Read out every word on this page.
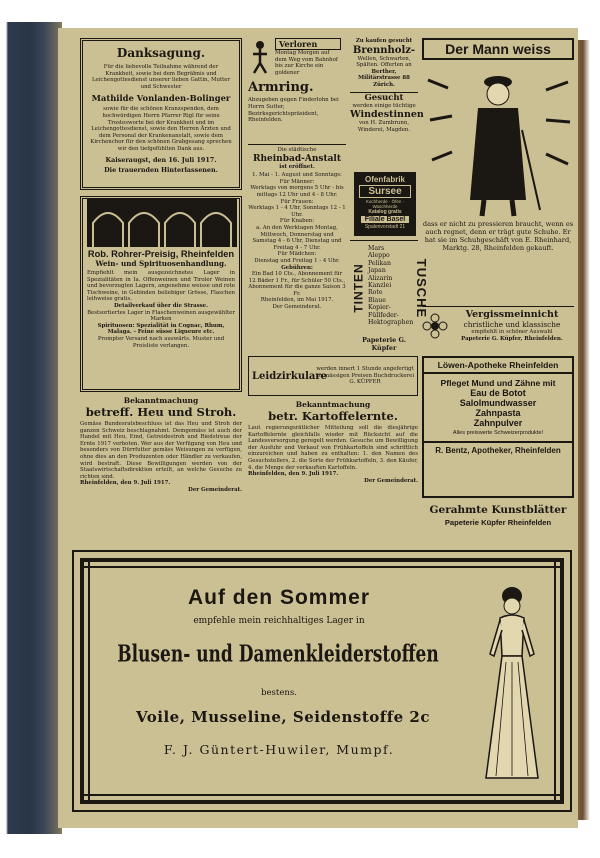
Danksagung.
Für die liebevolle Teilnahme während der Krankheit, sowie bei dem Begräbnis und Leichengottesdienst unserer lieben Gattin, Mutter und Schwester
Mathilde Vonlanden-Bolinger
sowie für die schönen Kranzspenden, dem hochwürdigen Herrn Pfarrer Rigl für seine Trostesworte bei der Krankheit und im Leichengottesdienst, sowie den Herren Ärzten und dem Personal der Krankenanstalt, sowie dem Kirchenchor für den schönen Grabgesang sprechen wir den tiefgefühlten Dank aus.
Kaiseraugst, den 16. Juli 1917.
Die trauernden Hinterlassenen.
Verloren
Montag Morgen auf dem Weg vom Bahnhof bis zur Kirche ein goldener
Armring.
Abzugeben gegen Finderlohn bei Herrn Sutter, Bezirksgerichtspräsident, Rheinfelden.
Die städtische
Rheinbad-Anstalt
ist eröffnet.
1. Mai - 1. August und Sonntags:
Für Männer:
Werktags von morgens 5 Uhr - bis mittags 12 Uhr und 4 - 8 Uhr.
Für Frauen:
Werktags 1 - 4 Uhr, Sonntags 12 - 1 Uhr.
Für Knaben:
a. An den Werktagen Montag, Mittwoch, Donnerstag und Samstag 4 - 6 Uhr, Dienstag und Freitag 4 - 7 Uhr.
Für Mädchen:
Dienstag und Freitag 1 - 4 Uhr.
Gebühren:
Ein Bad 10 Cts., Abonnement für 12 Bäder 1 Fr., für Schüler 50 Cts., Abonnement für die ganze Saison 3 Fr.
Rheinfelden, im Mai 1917.
Der Gemeinderat.
Zu kaufen gesucht
Brennholz-
Wellen, Schwarten, Spälten. Offerten an
Berther, Militärstrasse 88 Zürich.
Gesucht
werden einige tüchtige
Windestinnen
von H. Zumbrunn, Winderei, Magden.
Ofenfabrik
Sursee
Kochherde · Öfen · Waschherde
Katalog gratis
Filiale Basel
Spalenvorstadt 21
TINTEN	TUSCHE
Mars
Aleppo
Pelikan
Japan
Alizarin
Kanzlei
Rote
Blaue
Kopier-
Füllfeder-
Hektographen
Papeterie G. Küpfer
Der Mann weiss
dass er nicht zu pressieren braucht, wenn es auch regnet, denn er trägt gute Schuhe. Er hat sie im Schuhgeschäft von E. Rheinhard, Marktg. 28, Rheinfelden gekauft.
Vergissmeinnicht
christliche und klassische
empfiehlt in schöner Auswahl
Papeterie G. Küpfer, Rheinfelden.
Rob. Rohrer-Preisig, Rheinfelden
Wein- und Spirituosenhandlung.
Empfiehlt mein ausgezeichnetes Lager in Spezialitäten in Ia. Offenweinen und Tiroler Weinen und bevorzugten Lagern, angenehme weisse und rote Tischweine, in Gebinden beliebiger Grösse, Flaschen leihweise gratis.
Detailverkauf über die Strasse.
Bestsortiertes Lager in Flaschenweinen ausgewählter Marken
Spirituosen: Spezialität in Cognac, Rhum, Malaga. - Feine süsse Liqueure etc.
Prompter Versand nach auswärts. Muster und Preisliste verlangen.
Leidzirkulare
werden innert 1 Stunde angefertigt zu mässigen Preisen Buchdruckerei G. KÜPFER
Bekanntmachung
betreff. Heu und Stroh.
Gemäss Bundesratsbeschluss ist das Heu und Stroh der ganzen Schweiz beschlagnahmt. Demgemäss ist auch der Handel mit Heu, Emd, Getreidestroh und Riedstreue der Ernte 1917 verboten. Wer aus der Verfügung von Heu und besonders von Dürrfutter gemäss Weisungen zu verfügen, ohne dies an den Produzenten oder Händler zu verkaufen, wird bestraft. Diese Bewilligungen werden von der Staatswirtschaftsdirektion erteilt, an welche Gesuche zu richten sind.
Rheinfelden, den 9. Juli 1917.
Der Gemeinderat.
Bekanntmachung
betr. Kartoffelernte.
Laut regierungsrätlicher Mitteilung soll die diesjährige Kartoffelernte gleichfalls wieder mit Rücksicht auf die Landesversorgung geregelt werden. Gesuche um Bewilligung der Ausfuhr und Verkauf von Frühkartoffeln sind schriftlich einzureichen und haben zu enthalten: 1. den Namen des Gesuchstellers, 2. die Sorte der Frühkartoffeln, 3. den Käufer, 4. die Menge der verkauften Kartoffeln.
Rheinfelden, den 9. Juli 1917.
Der Gemeinderat.
Löwen-Apotheke Rheinfelden
Pfleget Mund und Zähne mit
Eau de Botot
Salolmundwasser
Zahnpasta
Zahnpulver
Alles preiswerte Schweizerprodukte!
R. Bentz, Apotheker, Rheinfelden
Gerahmte Kunstblätter
Papeterie Küpfer Rheinfelden
Auf den Sommer
empfehle mein reichhaltiges Lager in
Blusen- und Damenkleiderstoffen
bestens.
Voile, Musseline, Seidenstoffe 2c
F. J. Güntert-Huwiler, Mumpf.
